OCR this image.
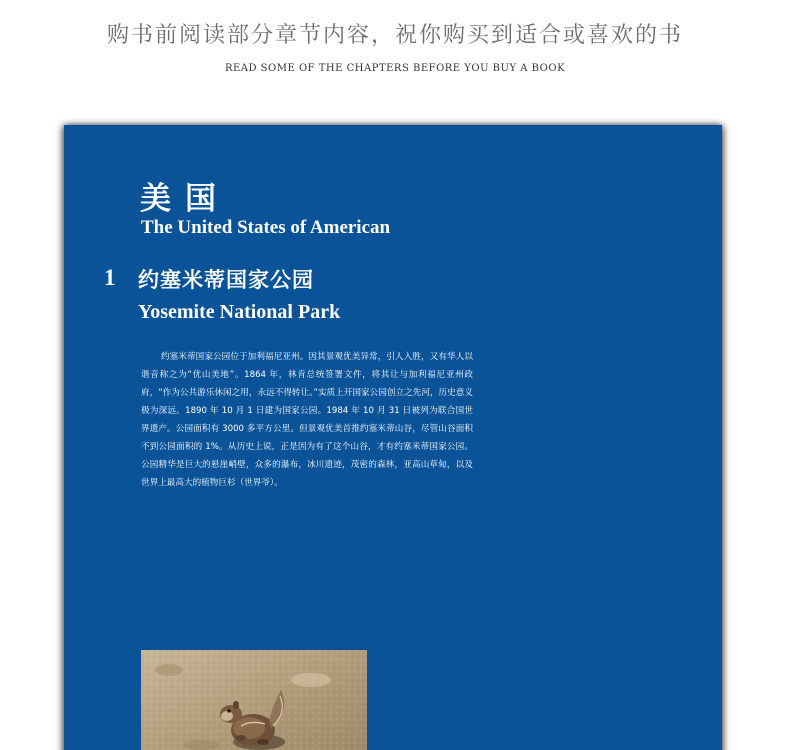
购书前阅读部分章节内容，祝你购买到适合或喜欢的书
READ SOME OF THE CHAPTERS BEFORE YOU BUY A BOOK
美国
The United States of American
1 约塞米蒂国家公园
Yosemite National Park

约塞米蒂国家公园位于加利福尼亚州。因其景观优美异常，引人入胜，又有华人以谐音称之为“优山美地”。1864 年，林肯总统签署文件，将其让与加利福尼亚州政府，“作为公共游乐休闲之用，永远不得转让。”实质上开国家公园创立之先河，历史意义极为深远。1890 年 10 月 1 日建为国家公园。1984 年 10 月 31 日被列为联合国世界遗产。公园面积有 3000 多平方公里。但景观优美首推约塞米蒂山谷，尽管山谷面积不到公园面积的 1%。从历史上说，正是因为有了这个山谷，才有约塞米蒂国家公园。公园精华是巨大的悬崖峭壁，众多的瀑布，冰川遗迹，茂密的森林，亚高山草甸，以及世界上最高大的植物巨杉（世界爷）。
